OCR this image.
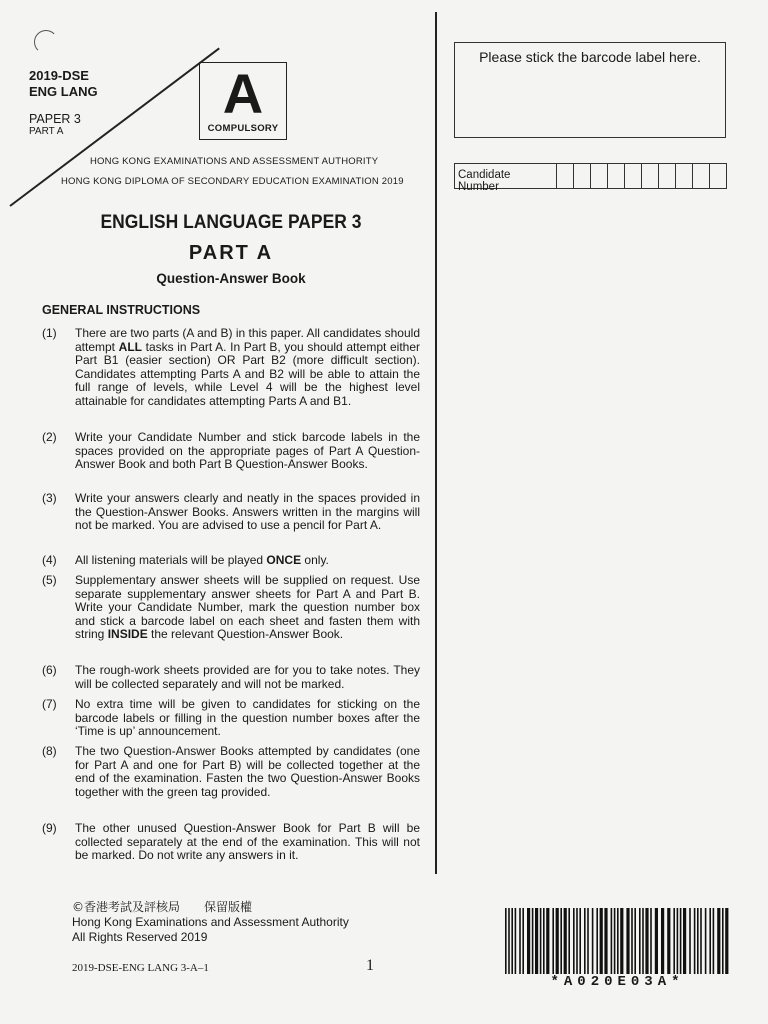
2019-DSE
ENG LANG
PAPER 3
PART A
A
COMPULSORY
HONG KONG EXAMINATIONS AND ASSESSMENT AUTHORITY
HONG KONG DIPLOMA OF SECONDARY EDUCATION EXAMINATION 2019
ENGLISH LANGUAGE PAPER 3
PART A
Question-Answer Book
Please stick the barcode label here.
Candidate Number
GENERAL INSTRUCTIONS
(1)	There are two parts (A and B) in this paper. All candidates should attempt ALL tasks in Part A. In Part B, you should attempt either Part B1 (easier section) OR Part B2 (more difficult section). Candidates attempting Parts A and B2 will be able to attain the full range of levels, while Level 4 will be the highest level attainable for candidates attempting Parts A and B1.
(2)	Write your Candidate Number and stick barcode labels in the spaces provided on the appropriate pages of Part A Question-Answer Book and both Part B Question-Answer Books.
(3)	Write your answers clearly and neatly in the spaces provided in the Question-Answer Books. Answers written in the margins will not be marked. You are advised to use a pencil for Part A.
(4)	All listening materials will be played ONCE only.
(5)	Supplementary answer sheets will be supplied on request. Use separate supplementary answer sheets for Part A and Part B. Write your Candidate Number, mark the question number box and stick a barcode label on each sheet and fasten them with string INSIDE the relevant Question-Answer Book.
(6)	The rough-work sheets provided are for you to take notes. They will be collected separately and will not be marked.
(7)	No extra time will be given to candidates for sticking on the barcode labels or filling in the question number boxes after the ‘Time is up’ announcement.
(8)	The two Question-Answer Books attempted by candidates (one for Part A and one for Part B) will be collected together at the end of the examination. Fasten the two Question-Answer Books together with the green tag provided.
(9)	The other unused Question-Answer Book for Part B will be collected separately at the end of the examination. This will not be marked. Do not write any answers in it.
©香港考試及評核局　　保留版權
Hong Kong Examinations and Assessment Authority
All Rights Reserved 2019
2019-DSE-ENG LANG 3-A–1	1
*A020E03A*
